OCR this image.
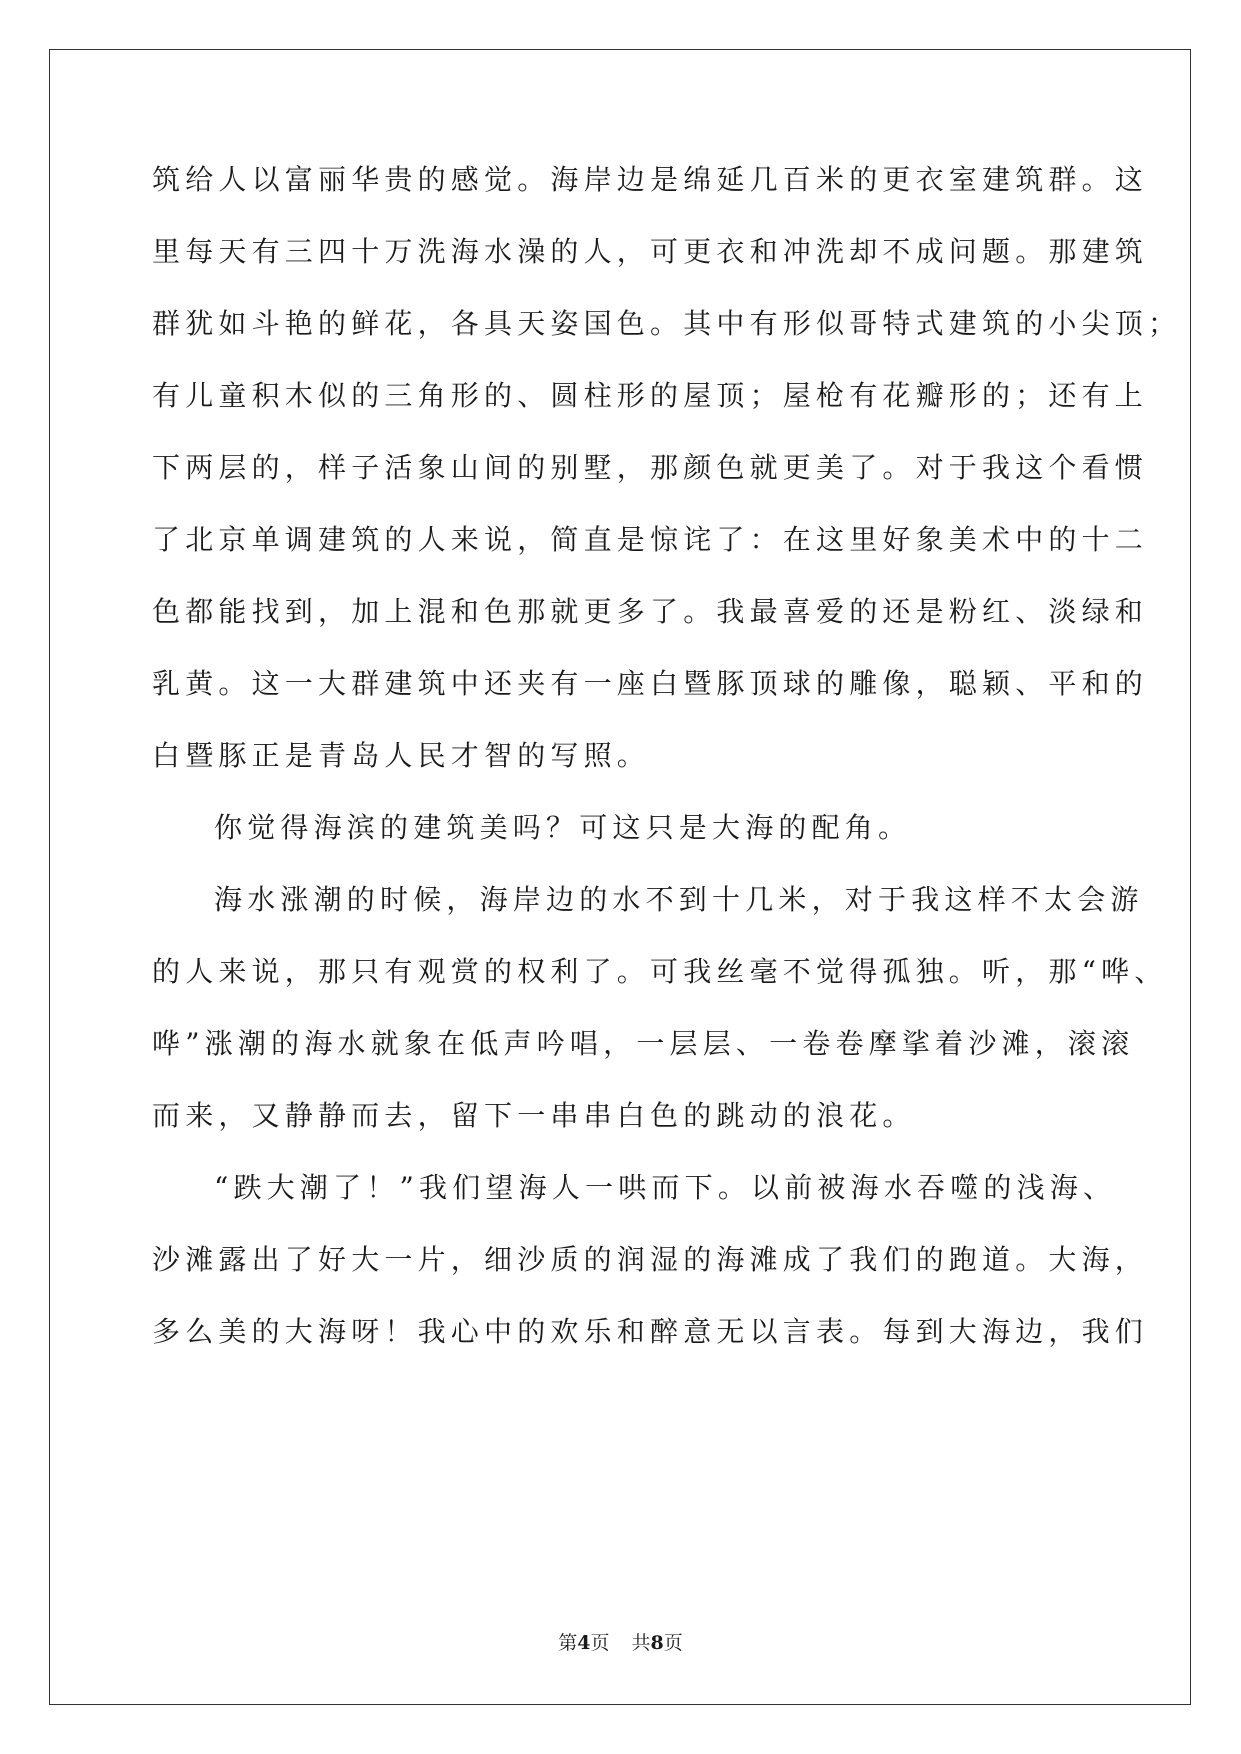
筑给人以富丽华贵的感觉。海岸边是绵延几百米的更衣室建筑群。这
里每天有三四十万洗海水澡的人，可更衣和冲洗却不成问题。那建筑
群犹如斗艳的鲜花，各具天姿国色。其中有形似哥特式建筑的小尖顶；
有儿童积木似的三角形的、圆柱形的屋顶；屋枪有花瓣形的；还有上
下两层的，样子活象山间的别墅，那颜色就更美了。对于我这个看惯
了北京单调建筑的人来说，简直是惊诧了：在这里好象美术中的十二
色都能找到，加上混和色那就更多了。我最喜爱的还是粉红、淡绿和
乳黄。这一大群建筑中还夹有一座白暨豚顶球的雕像，聪颖、平和的
白暨豚正是青岛人民才智的写照。
你觉得海滨的建筑美吗？可这只是大海的配角。
海水涨潮的时候，海岸边的水不到十几米，对于我这样不太会游
的人来说，那只有观赏的权利了。可我丝毫不觉得孤独。听，那“哗、
哗”涨潮的海水就象在低声吟唱，一层层、一卷卷摩挲着沙滩，滚滚
而来，又静静而去，留下一串串白色的跳动的浪花。
“跌大潮了！”我们望海人一哄而下。以前被海水吞噬的浅海、
沙滩露出了好大一片，细沙质的润湿的海滩成了我们的跑道。大海，
多么美的大海呀！我心中的欢乐和醉意无以言表。每到大海边，我们
第4页 共8页
